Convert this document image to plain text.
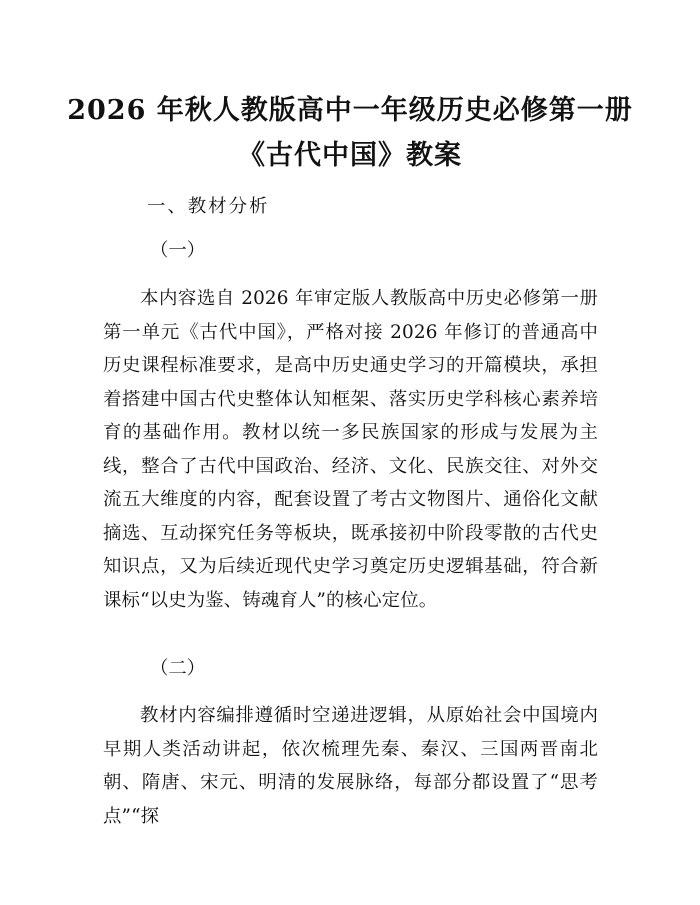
2026 年秋人教版高中一年级历史必修第一册
《古代中国》教案

一、教材分析

（一）

本内容选自 2026 年审定版人教版高中历史必修第一册第一单元《古代中国》，严格对接 2026 年修订的普通高中历史课程标准要求，是高中历史通史学习的开篇模块，承担着搭建中国古代史整体认知框架、落实历史学科核心素养培育的基础作用。教材以统一多民族国家的形成与发展为主线，整合了古代中国政治、经济、文化、民族交往、对外交流五大维度的内容，配套设置了考古文物图片、通俗化文献摘选、互动探究任务等板块，既承接初中阶段零散的古代史知识点，又为后续近现代史学习奠定历史逻辑基础，符合新课标“以史为鉴、铸魂育人”的核心定位。

（二）

教材内容编排遵循时空递进逻辑，从原始社会中国境内早期人类活动讲起，依次梳理先秦、秦汉、三国两晋南北朝、隋唐、宋元、明清的发展脉络，每部分都设置了“思考点”“探
